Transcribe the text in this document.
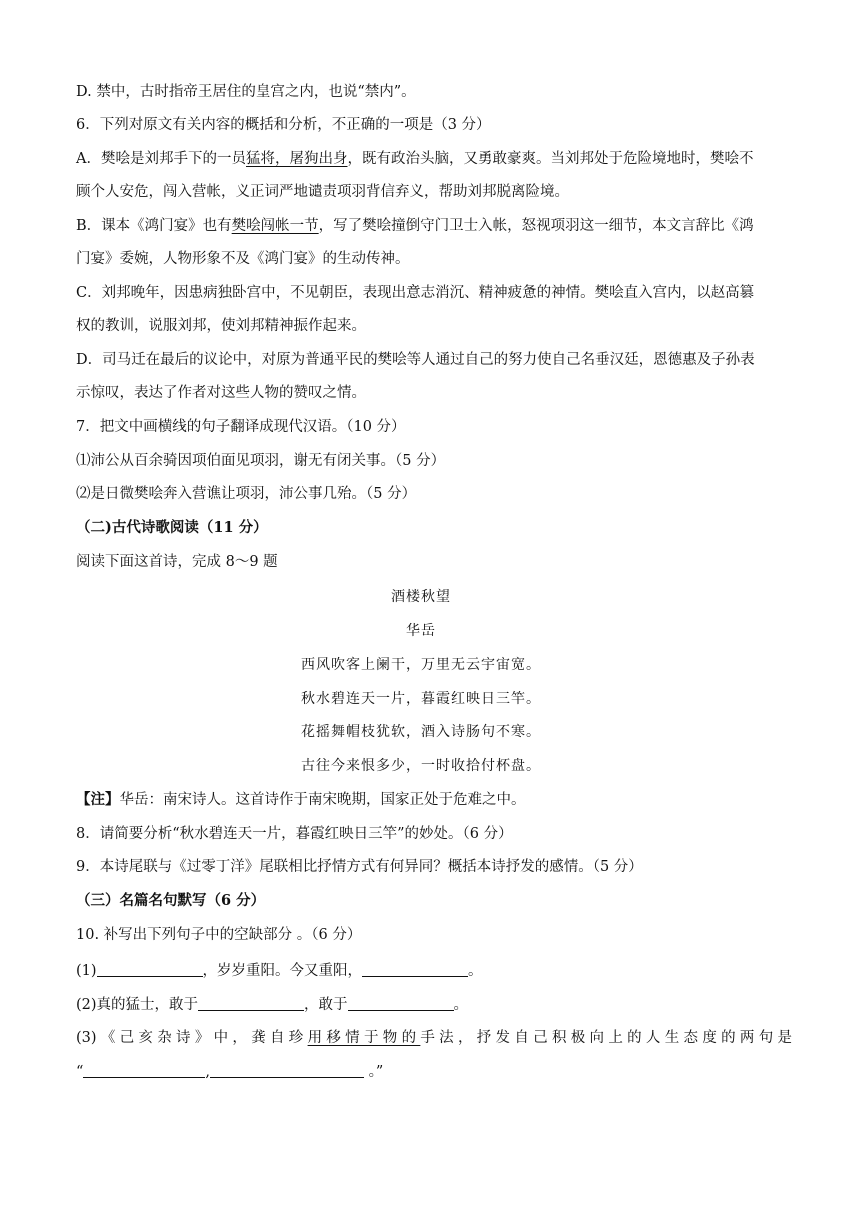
D. 禁中，古时指帝王居住的皇宫之内，也说“禁内”。
6．下列对原文有关内容的概括和分析，不正确的一项是（3 分）
A．樊哙是刘邦手下的一员猛将，屠狗出身，既有政治头脑，又勇敢豪爽。当刘邦处于危险境地时，樊哙不
顾个人安危，闯入营帐，义正词严地谴责项羽背信弃义，帮助刘邦脱离险境。
B．课本《鸿门宴》也有樊哙闯帐一节，写了樊哙撞倒守门卫士入帐，怒视项羽这一细节，本文言辞比《鸿
门宴》委婉，人物形象不及《鸿门宴》的生动传神。
C．刘邦晚年，因患病独卧宫中，不见朝臣，表现出意志消沉、精神疲惫的神情。樊哙直入宫内，以赵高篡
权的教训，说服刘邦，使刘邦精神振作起来。
D．司马迁在最后的议论中，对原为普通平民的樊哙等人通过自己的努力使自己名垂汉廷，恩德惠及子孙表
示惊叹，表达了作者对这些人物的赞叹之情。
7．把文中画横线的句子翻译成现代汉语。（10 分）
⑴沛公从百余骑因项伯面见项羽，谢无有闭关事。（5 分）
⑵是日微樊哙奔入营谯让项羽，沛公事几殆。（5 分）
（二)古代诗歌阅读（11 分）
阅读下面这首诗，完成 8～9 题
酒楼秋望
华岳
西风吹客上阑干，万里无云宇宙宽。
秋水碧连天一片，暮霞红映日三竿。
花摇舞帽枝犹软，酒入诗肠句不寒。
古往今来恨多少，一时收拾付杯盘。
【注】华岳：南宋诗人。这首诗作于南宋晚期，国家正处于危难之中。
8．请简要分析“秋水碧连天一片，暮霞红映日三竿”的妙处。（6 分）
9．本诗尾联与《过零丁洋》尾联相比抒情方式有何异同？概括本诗抒发的感情。（5 分）
（三）名篇名句默写（6 分）
10. 补写出下列句子中的空缺部分 。（6 分）
(1)	，岁岁重阳。今又重阳，	。
(2)真的猛士，敢于	，敢于	。
(3)《己亥杂诗》中，龚自珍用移情于物的手法，抒发自己积极向上的人生态度的两句是
“	,	。”
